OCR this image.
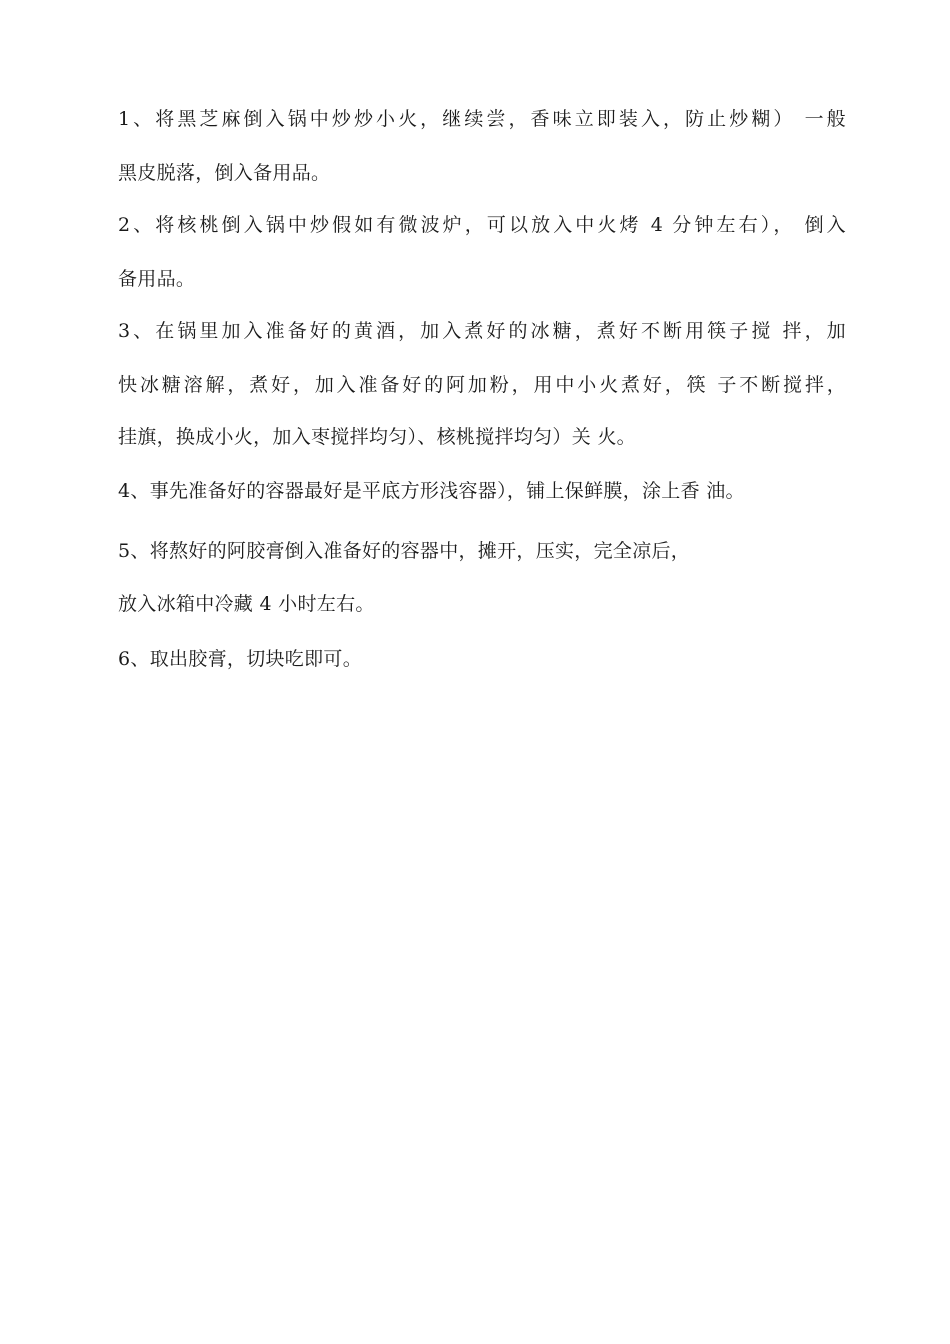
1、将黑芝麻倒入锅中炒炒小火，继续尝，香味立即装入，防止炒糊） 一般
黑皮脱落，倒入备用品。
2、将核桃倒入锅中炒假如有微波炉，可以放入中火烤 4 分钟左右）， 倒入
备用品。
3、在锅里加入准备好的黄酒，加入煮好的冰糖，煮好不断用筷子搅 拌，加
快冰糖溶解，煮好，加入准备好的阿加粉，用中小火煮好，筷 子不断搅拌，
挂旗，换成小火，加入枣搅拌均匀）、核桃搅拌均匀）关 火。
4、事先准备好的容器最好是平底方形浅容器），铺上保鲜膜，涂上香 油。
5、将熬好的阿胶膏倒入准备好的容器中，摊开，压实，完全凉后，
放入冰箱中冷藏 4 小时左右。
6、取出胶膏，切块吃即可。
